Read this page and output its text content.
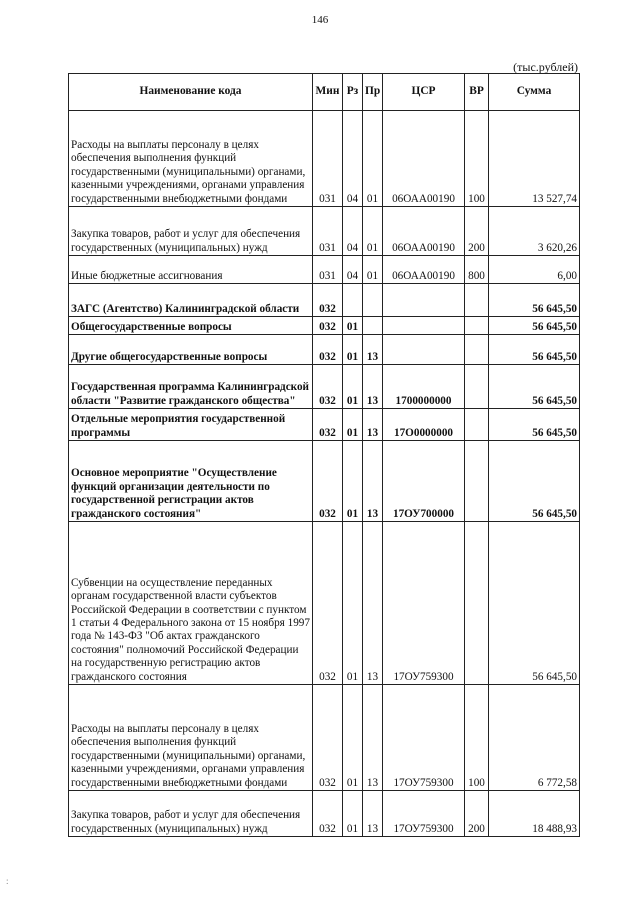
146
(тыс.рублей)
Наименование кода	Мин	Рз	Пр	ЦСР	ВР	Сумма
Расходы на выплаты персоналу в целях обеспечения выполнения функций государственными (муниципальными) органами, казенными учреждениями, органами управления государственными внебюджетными фондами	031	04	01	06ОАА00190	100	13 527,74
Закупка товаров, работ и услуг для обеспечения государственных (муниципальных) нужд	031	04	01	06ОАА00190	200	3 620,26
Иные бюджетные ассигнования	031	04	01	06ОАА00190	800	6,00
ЗАГС (Агентство) Калининградской области	032					56 645,50
Общегосударственные вопросы	032	01				56 645,50
Другие общегосударственные вопросы	032	01	13			56 645,50
Государственная программа Калининградской области "Развитие гражданского общества"	032	01	13	1700000000		56 645,50
Отдельные мероприятия государственной программы	032	01	13	17О0000000		56 645,50
Основное мероприятие "Осуществление функций организации деятельности по государственной регистрации актов гражданского состояния"	032	01	13	17ОУ700000		56 645,50
Субвенции на осуществление переданных органам государственной власти субъектов Российской Федерации в соответствии с пунктом 1 статьи 4 Федерального закона от 15 ноября 1997 года № 143-ФЗ "Об актах гражданского состояния" полномочий Российской Федерации на государственную регистрацию актов гражданского состояния	032	01	13	17ОУ759300		56 645,50
Расходы на выплаты персоналу в целях обеспечения выполнения функций государственными (муниципальными) органами, казенными учреждениями, органами управления государственными внебюджетными фондами	032	01	13	17ОУ759300	100	6 772,58
Закупка товаров, работ и услуг для обеспечения государственных (муниципальных) нужд	032	01	13	17ОУ759300	200	18 488,93
:
